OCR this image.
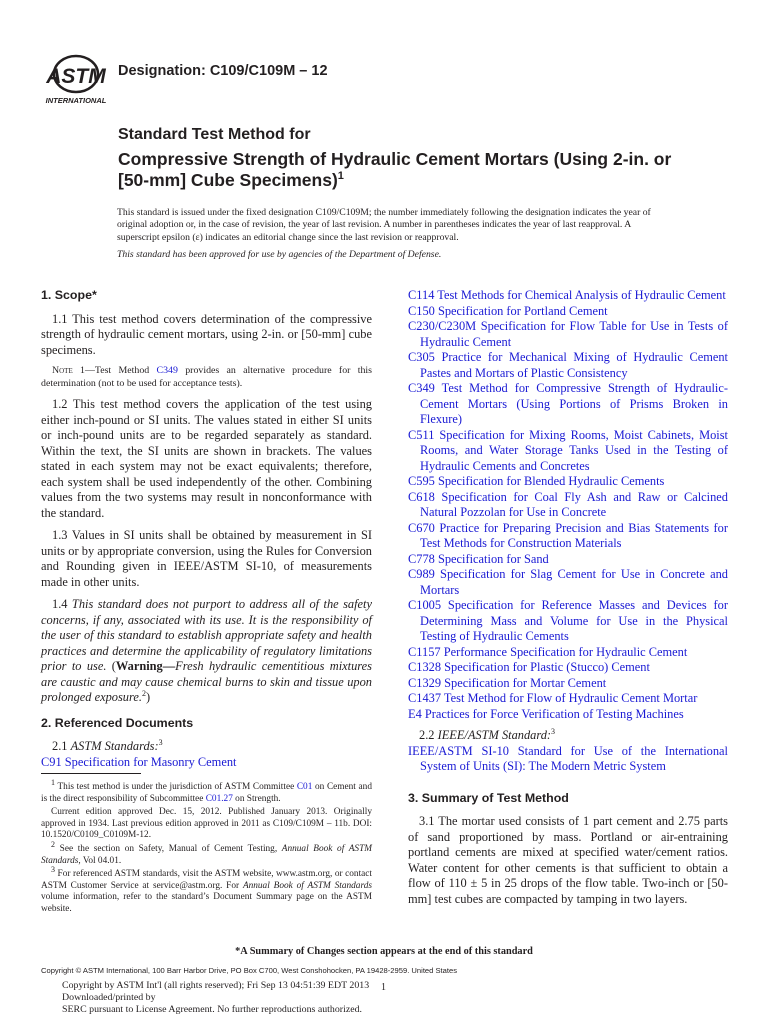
ASTM
INTERNATIONAL
Designation: C109/C109M – 12
Standard Test Method for
Compressive Strength of Hydraulic Cement Mortars (Using 2-in. or [50-mm] Cube Specimens)$^1$
This standard is issued under the fixed designation C109/C109M; the number immediately following the designation indicates the year of original adoption or, in the case of revision, the year of last revision. A number in parentheses indicates the year of last reapproval. A superscript epsilon (ε) indicates an editorial change since the last revision or reapproval.
This standard has been approved for use by agencies of the Department of Defense.
1. Scope*

1.1 This test method covers determination of the compressive strength of hydraulic cement mortars, using 2-in. or [50-mm] cube specimens.

Note 1—Test Method C349 provides an alternative procedure for this determination (not to be used for acceptance tests).

1.2 This test method covers the application of the test using either inch-pound or SI units. The values stated in either SI units or inch-pound units are to be regarded separately as standard. Within the text, the SI units are shown in brackets. The values stated in each system may not be exact equivalents; therefore, each system shall be used independently of the other. Combining values from the two systems may result in nonconformance with the standard.

1.3 Values in SI units shall be obtained by measurement in SI units or by appropriate conversion, using the Rules for Conversion and Rounding given in IEEE/ASTM SI-10, of measurements made in other units.

1.4 This standard does not purport to address all of the safety concerns, if any, associated with its use. It is the responsibility of the user of this standard to establish appropriate safety and health practices and determine the applicability of regulatory limitations prior to use. (Warning—Fresh hydraulic cementitious mixtures are caustic and may cause chemical burns to skin and tissue upon prolonged exposure.$^2$)

2. Referenced Documents

2.1 ASTM Standards:$^3$

C91 Specification for Masonry Cement

$^1$ This test method is under the jurisdiction of ASTM Committee C01 on Cement and is the direct responsibility of Subcommittee C01.27 on Strength.

Current edition approved Dec. 15, 2012. Published January 2013. Originally approved in 1934. Last previous edition approved in 2011 as C109/C109M – 11b. DOI: 10.1520/C0109_C0109M-12.

$^2$ See the section on Safety, Manual of Cement Testing, Annual Book of ASTM Standards, Vol 04.01.

$^3$ For referenced ASTM standards, visit the ASTM website, www.astm.org, or contact ASTM Customer Service at service@astm.org. For Annual Book of ASTM Standards volume information, refer to the standard’s Document Summary page on the ASTM website.

C114 Test Methods for Chemical Analysis of Hydraulic Cement

C150 Specification for Portland Cement

C230/C230M Specification for Flow Table for Use in Tests of Hydraulic Cement

C305 Practice for Mechanical Mixing of Hydraulic Cement Pastes and Mortars of Plastic Consistency

C349 Test Method for Compressive Strength of Hydraulic-Cement Mortars (Using Portions of Prisms Broken in Flexure)

C511 Specification for Mixing Rooms, Moist Cabinets, Moist Rooms, and Water Storage Tanks Used in the Testing of Hydraulic Cements and Concretes

C595 Specification for Blended Hydraulic Cements

C618 Specification for Coal Fly Ash and Raw or Calcined Natural Pozzolan for Use in Concrete

C670 Practice for Preparing Precision and Bias Statements for Test Methods for Construction Materials

C778 Specification for Sand

C989 Specification for Slag Cement for Use in Concrete and Mortars

C1005 Specification for Reference Masses and Devices for Determining Mass and Volume for Use in the Physical Testing of Hydraulic Cements

C1157 Performance Specification for Hydraulic Cement

C1328 Specification for Plastic (Stucco) Cement

C1329 Specification for Mortar Cement

C1437 Test Method for Flow of Hydraulic Cement Mortar

E4 Practices for Force Verification of Testing Machines

2.2 IEEE/ASTM Standard:$^3$

IEEE/ASTM SI-10 Standard for Use of the International System of Units (SI): The Modern Metric System

3. Summary of Test Method

3.1 The mortar used consists of 1 part cement and 2.75 parts of sand proportioned by mass. Portland or air-entraining portland cements are mixed at specified water/cement ratios. Water content for other cements is that sufficient to obtain a flow of 110 ± 5 in 25 drops of the flow table. Two-inch or [50-mm] test cubes are compacted by tamping in two layers.

*A Summary of Changes section appears at the end of this standard
Copyright © ASTM International, 100 Barr Harbor Drive, PO Box C700, West Conshohocken, PA 19428-2959. United States
Copyright by ASTM Int'l (all rights reserved); Fri Sep 13 04:51:39 EDT 2013
Downloaded/printed by
SERC pursuant to License Agreement. No further reproductions authorized.
1
